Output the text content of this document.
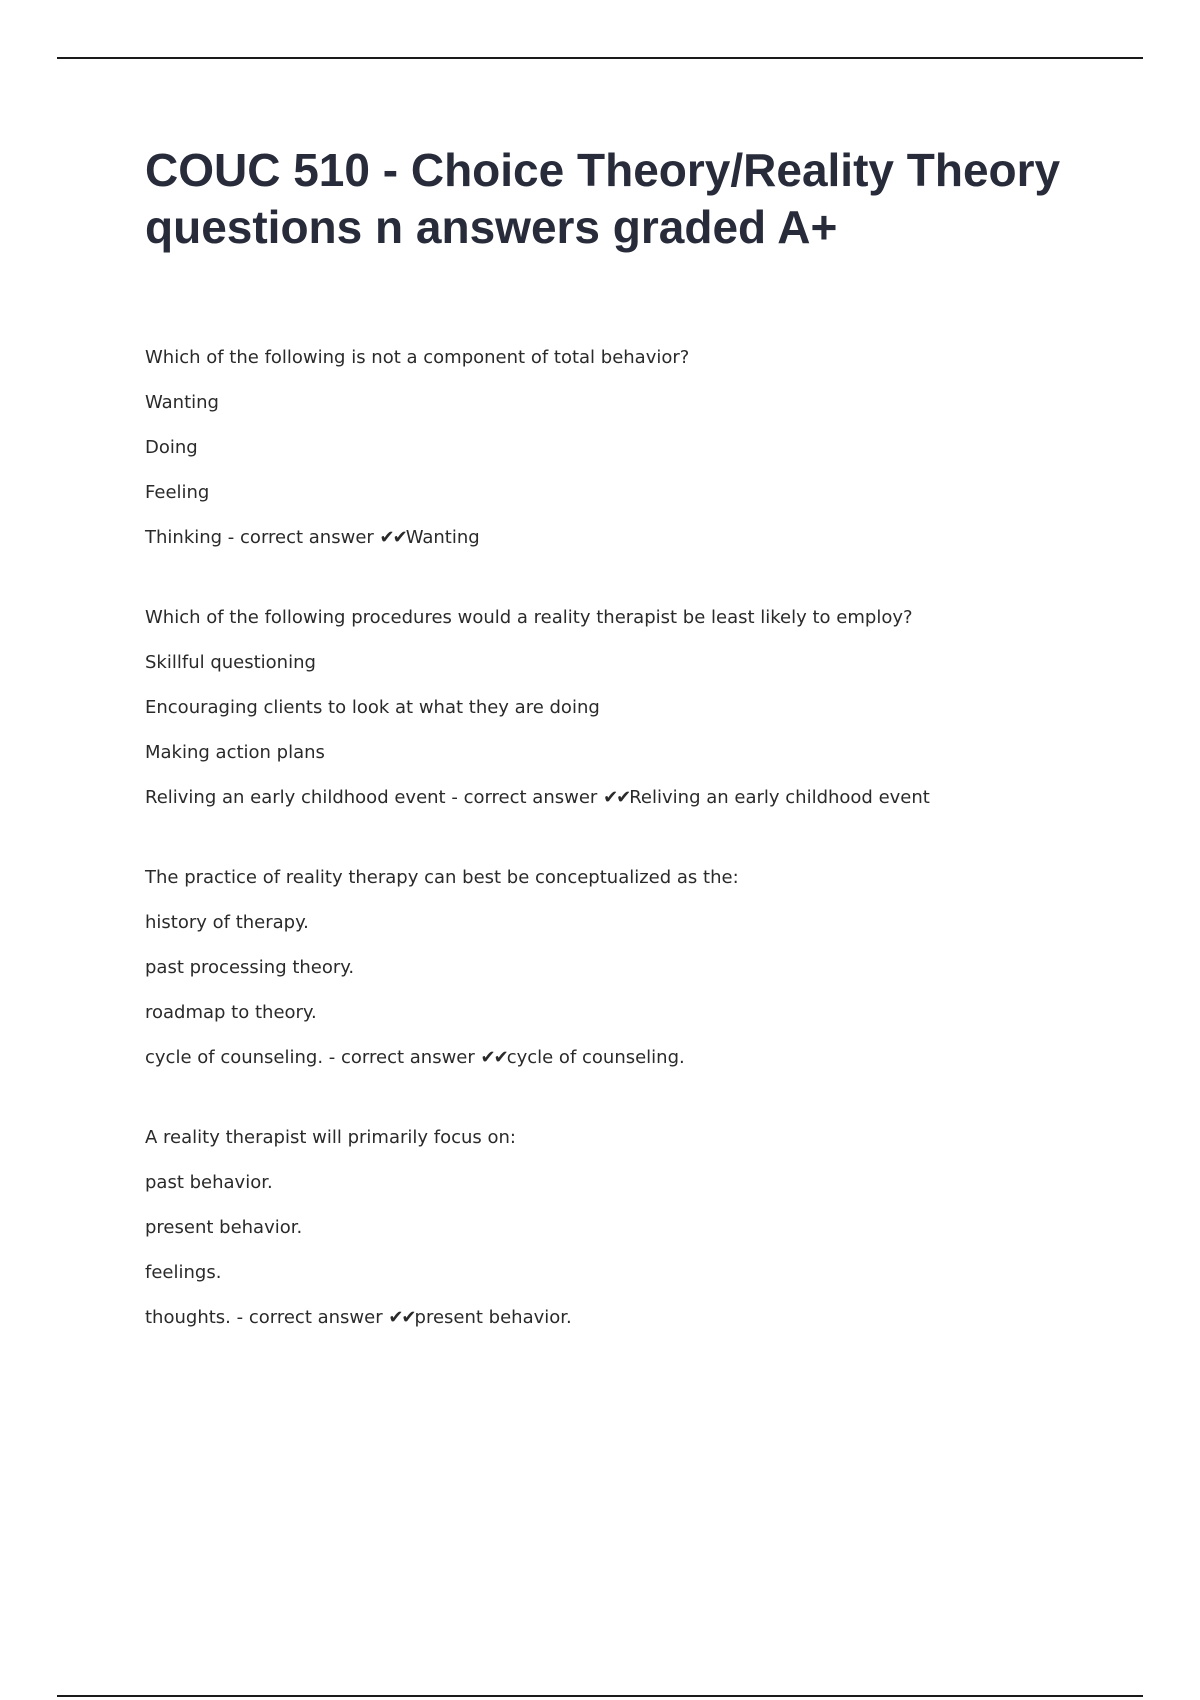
COUC 510 - Choice Theory/Reality Theory questions n answers graded A+
Which of the following is not a component of total behavior?
Wanting
Doing
Feeling
Thinking - correct answer ✔✔Wanting
Which of the following procedures would a reality therapist be least likely to employ?
Skillful questioning
Encouraging clients to look at what they are doing
Making action plans
Reliving an early childhood event - correct answer ✔✔Reliving an early childhood event
The practice of reality therapy can best be conceptualized as the:
history of therapy.
past processing theory.
roadmap to theory.
cycle of counseling. - correct answer ✔✔cycle of counseling.
A reality therapist will primarily focus on:
past behavior.
present behavior.
feelings.
thoughts. - correct answer ✔✔present behavior.
